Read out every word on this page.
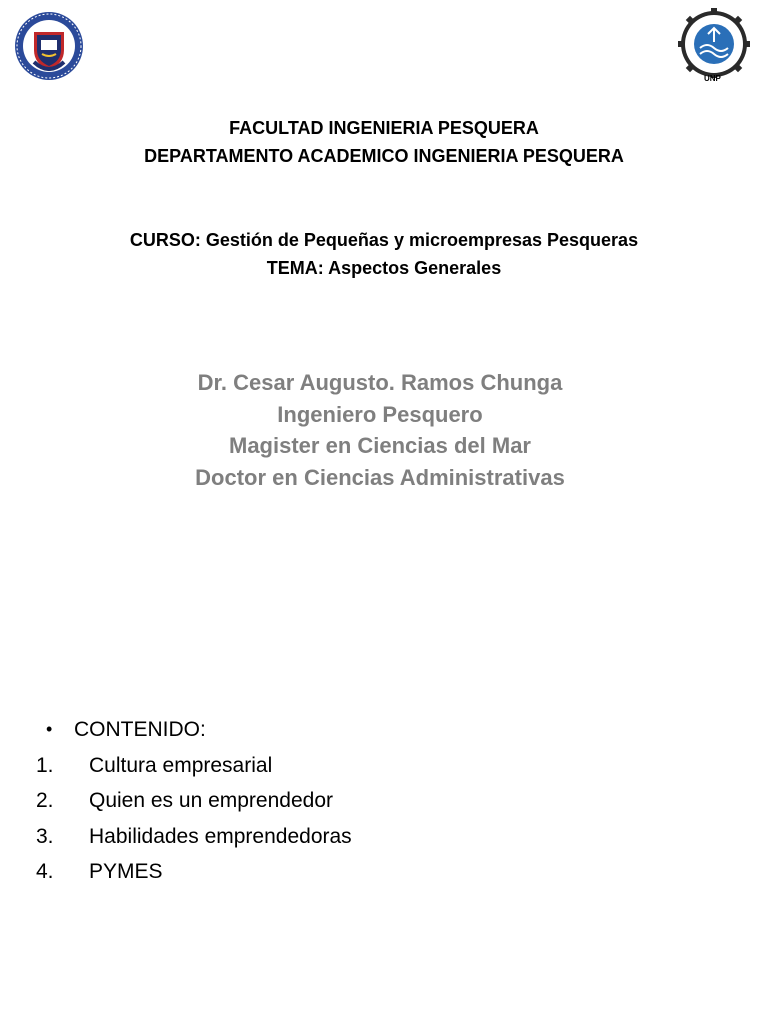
UNP
FACULTAD INGENIERIA PESQUERA
DEPARTAMENTO ACADEMICO INGENIERIA PESQUERA
CURSO: Gestión de Pequeñas y microempresas Pesqueras
TEMA: Aspectos Generales
Dr. Cesar Augusto. Ramos Chunga
Ingeniero Pesquero
Magister en Ciencias del Mar
Doctor en Ciencias Administrativas
• CONTENIDO:
1. Cultura empresarial
2. Quien es un emprendedor
3. Habilidades emprendedoras
4. PYMES
